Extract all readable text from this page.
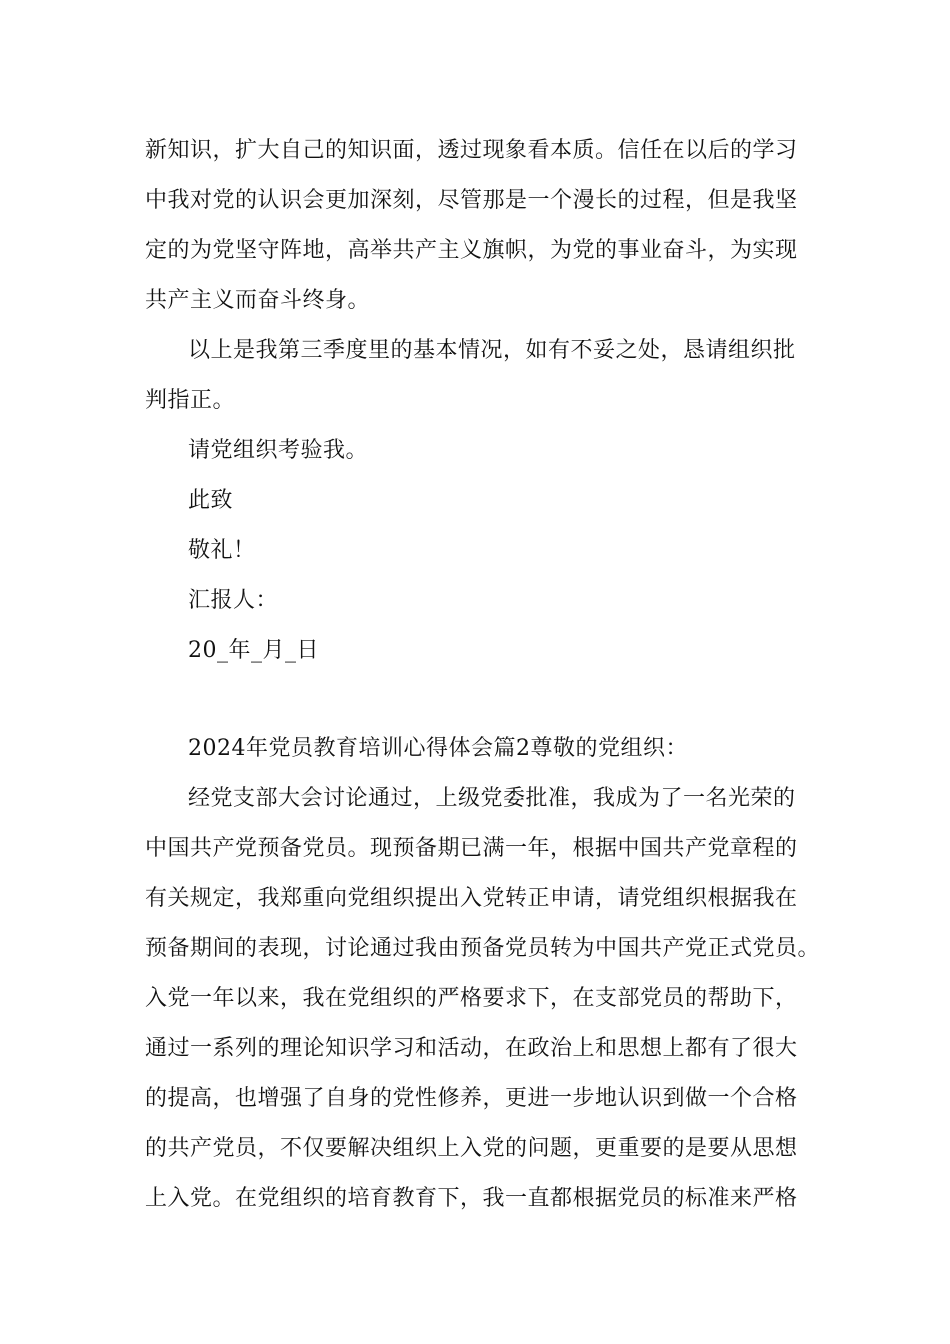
新知识，扩大自己的知识面，透过现象看本质。信任在以后的学习
中我对党的认识会更加深刻，尽管那是一个漫长的过程，但是我坚
定的为党坚守阵地，高举共产主义旗帜，为党的事业奋斗，为实现
共产主义而奋斗终身。
以上是我第三季度里的基本情况，如有不妥之处，恳请组织批
判指正。
请党组织考验我。
此致
敬礼！
汇报人：
20_年_月_日
2024年党员教育培训心得体会篇2尊敬的党组织：
经党支部大会讨论通过，上级党委批准，我成为了一名光荣的
中国共产党预备党员。现预备期已满一年，根据中国共产党章程的
有关规定，我郑重向党组织提出入党转正申请，请党组织根据我在
预备期间的表现，讨论通过我由预备党员转为中国共产党正式党员。
入党一年以来，我在党组织的严格要求下，在支部党员的帮助下，
通过一系列的理论知识学习和活动，在政治上和思想上都有了很大
的提高，也增强了自身的党性修养，更进一步地认识到做一个合格
的共产党员，不仅要解决组织上入党的问题，更重要的是要从思想
上入党。在党组织的培育教育下，我一直都根据党员的标准来严格
